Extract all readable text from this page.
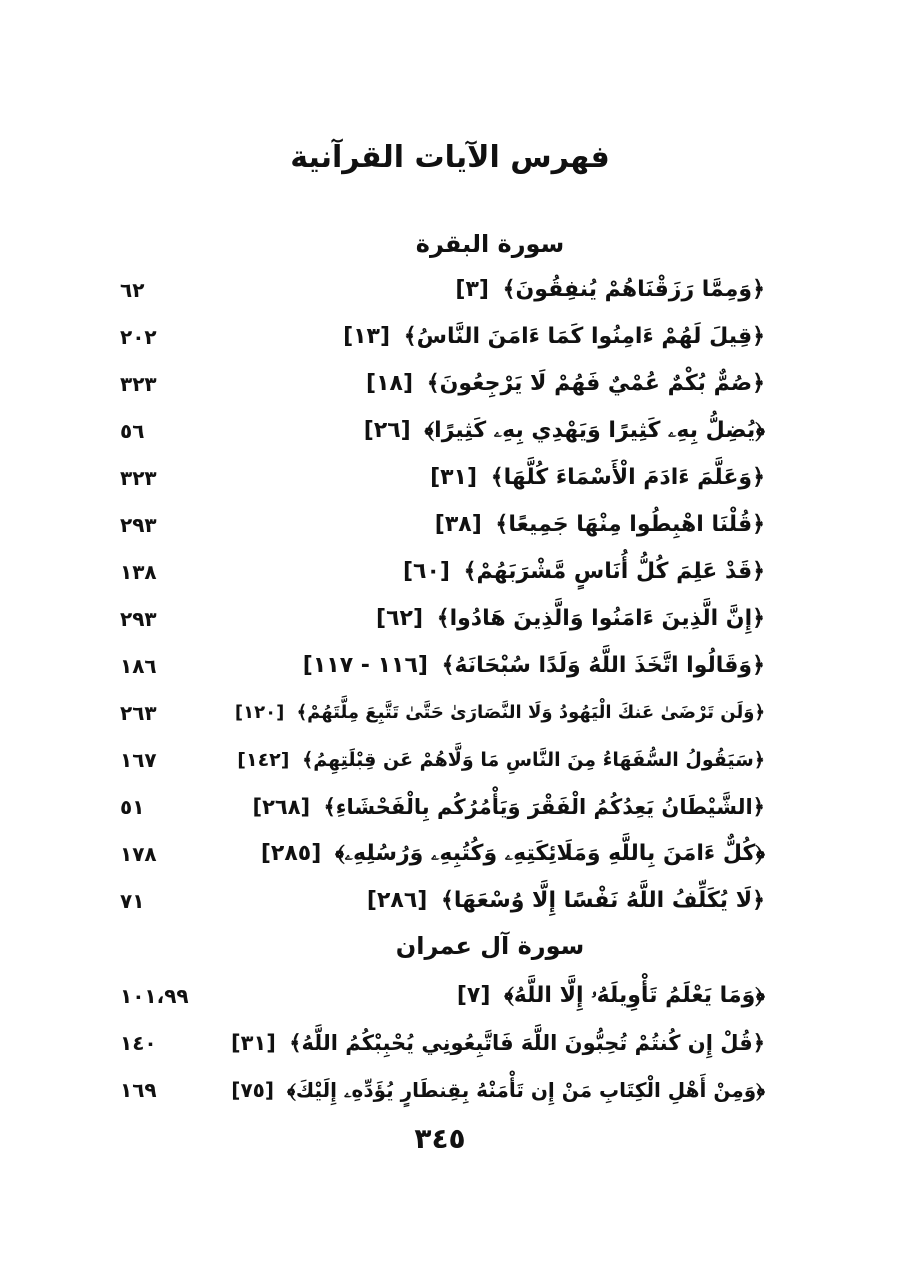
فهرس الآيات القرآنية
سورة البقرة
﴿وَمِمَّا رَزَقْنَاهُمْ يُنفِقُونَ﴾ [٣]
٦٢
﴿قِيلَ لَهُمْ ءَامِنُوا كَمَا ءَامَنَ النَّاسُ﴾ [١٣]
٢٠٢
﴿صُمٌّ بُكْمٌ عُمْيٌ فَهُمْ لَا يَرْجِعُونَ﴾ [١٨]
٣٢٣
﴿يُضِلُّ بِهِۦ كَثِيرًا وَيَهْدِي بِهِۦ كَثِيرًا﴾ [٢٦]
٥٦
﴿وَعَلَّمَ ءَادَمَ الْأَسْمَاءَ كُلَّهَا﴾ [٣١]
٣٢٣
﴿قُلْنَا اهْبِطُوا مِنْهَا جَمِيعًا﴾ [٣٨]
٢٩٣
﴿قَدْ عَلِمَ كُلُّ أُنَاسٍ مَّشْرَبَهُمْ﴾ [٦٠]
١٣٨
﴿إِنَّ الَّذِينَ ءَامَنُوا وَالَّذِينَ هَادُوا﴾ [٦٢]
٢٩٣
﴿وَقَالُوا اتَّخَذَ اللَّهُ وَلَدًا سُبْحَانَهُ﴾ [١١٦ - ١١٧]
١٨٦
﴿وَلَن تَرْضَىٰ عَنكَ الْيَهُودُ وَلَا النَّصَارَىٰ حَتَّىٰ تَتَّبِعَ مِلَّتَهُمْ﴾ [١٢٠]
٢٦٣
﴿سَيَقُولُ السُّفَهَاءُ مِنَ النَّاسِ مَا وَلَّاهُمْ عَن قِبْلَتِهِمُ﴾ [١٤٢]
١٦٧
﴿الشَّيْطَانُ يَعِدُكُمُ الْفَقْرَ وَيَأْمُرُكُم بِالْفَحْشَاءِ﴾ [٢٦٨]
٥١
﴿كُلٌّ ءَامَنَ بِاللَّهِ وَمَلَائِكَتِهِۦ وَكُتُبِهِۦ وَرُسُلِهِۦ﴾ [٢٨٥]
١٧٨
﴿لَا يُكَلِّفُ اللَّهُ نَفْسًا إِلَّا وُسْعَهَا﴾ [٢٨٦]
٧١
سورة آل عمران
﴿وَمَا يَعْلَمُ تَأْوِيلَهُۥ إِلَّا اللَّهُ﴾ [٧]
١٠١،٩٩
﴿قُلْ إِن كُنتُمْ تُحِبُّونَ اللَّهَ فَاتَّبِعُونِي يُحْبِبْكُمُ اللَّهُ﴾ [٣١]
١٤٠
﴿وَمِنْ أَهْلِ الْكِتَابِ مَنْ إِن تَأْمَنْهُ بِقِنطَارٍ يُؤَدِّهِۦ إِلَيْكَ﴾ [٧٥]
١٦٩
٣٤٥
